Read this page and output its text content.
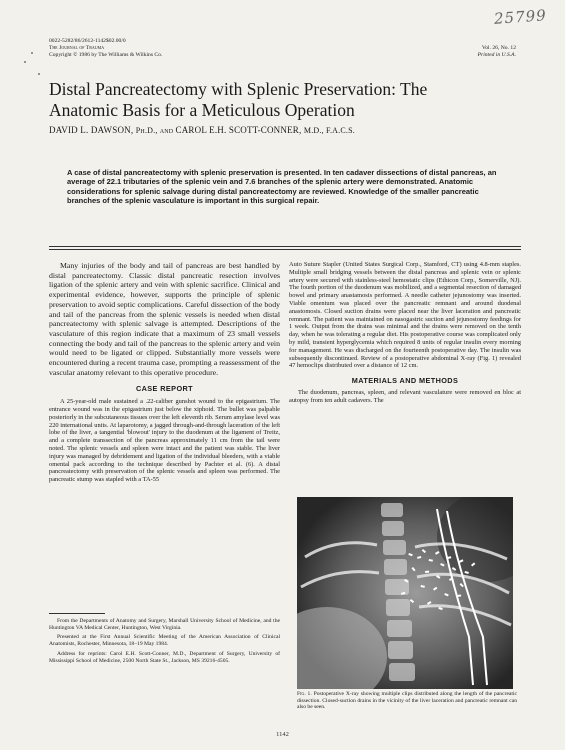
25799
0022-5282/86/2612-1142$02.00/0
The Journal of Trauma
Copyright © 1986 by The Williams & Wilkins Co.
Vol. 26, No. 12
Printed in U.S.A.
Distal Pancreatectomy with Splenic Preservation: The
Anatomic Basis for a Meticulous Operation
DAVID L. DAWSON, Ph.D., and CAROL E.H. SCOTT-CONNER, M.D., F.A.C.S.
A case of distal pancreatectomy with splenic preservation is presented. In ten cadaver dissections of distal pancreas, an average of 22.1 tributaries of the splenic vein and 7.6 branches of the splenic artery were demonstrated. Anatomic considerations for splenic salvage during distal pancreatectomy are reviewed. Knowledge of the smaller pancreatic branches of the splenic vasculature is important in this surgical repair.

Many injuries of the body and tail of pancreas are best handled by distal pancreatectomy. Classic distal pancreatic resection involves ligation of the splenic artery and vein with splenic sacrifice. Clinical and experimental evidence, however, supports the principle of splenic preservation to avoid septic complications. Careful dissection of the body and tail of the pancreas from the splenic vessels is needed when distal pancreatectomy with splenic salvage is attempted. Descriptions of the vasculature of this region indicate that a maximum of 23 small vessels connecting the body and tail of the pancreas to the splenic artery and vein would need to be ligated or clipped. Substantially more vessels were encountered during a recent trauma case, prompting a reassessment of the vascular anatomy relevant to this operative procedure.

CASE REPORT

A 25-year-old male sustained a .22-caliber gunshot wound to the epigastrium. The entrance wound was in the epigastrium just below the xiphoid. The bullet was palpable posteriorly in the subcutaneous tissues over the left eleventh rib. Serum amylase level was 220 international units. At laparotomy, a jagged through-and-through laceration of the left lobe of the liver, a tangential 'blowout' injury to the duodenum at the ligament of Treitz, and a complete transsection of the pancreas approximately 11 cm from the tail were noted. The splenic vessels and spleen were intact and the patient was stable. The liver injury was managed by debridement and ligation of the individual bleeders, with a viable omental pack according to the technique described by Pachter et al. (6). A distal pancreatectomy with preservation of the splenic vessels and spleen was performed. The pancreatic stump was stapled with a TA-55

From the Departments of Anatomy and Surgery, Marshall University School of Medicine, and the Huntington VA Medical Center, Huntington, West Virginia.

Presented at the First Annual Scientific Meeting of the American Association of Clinical Anatomists, Rochester, Minnesota, 18–19 May 1984.

Address for reprints: Carol E.H. Scott-Conner, M.D., Department of Surgery, University of Mississippi School of Medicine, 2500 North State St., Jackson, MS 39216-4505.

Auto Suture Stapler (United States Surgical Corp., Stamford, CT) using 4.8-mm staples. Multiple small bridging vessels between the distal pancreas and splenic vein or splenic artery were secured with stainless-steel hemostatic clips (Ethicon Corp., Somerville, NJ). The fourth portion of the duodenum was mobilized, and a segmental resection of damaged bowel and primary anastamosis performed. A needle catheter jejunostomy was inserted. Viable omentum was placed over the pancreatic remnant and around duodenal anastomosis. Closed suction drains were placed near the liver laceration and pancreatic remnant. The patient was maintained on nasogastric suction and jejunostomy feedings for 1 week. Output from the drains was minimal and the drains were removed on the tenth day, when he was tolerating a regular diet. His postoperative course was complicated only by mild, transient hyperglycemia which required 8 units of regular insulin every morning for management. He was discharged on the fourteenth postoperative day. The insulin was subsequently discontinued. Review of a postoperative abdominal X-ray (Fig. 1) revealed 47 hemoclips distributed over a distance of 12 cm.

MATERIALS AND METHODS

The duodenum, pancreas, spleen, and relevant vasculature were removed en bloc at autopsy from ten adult cadavers. The

Fig. 1. Postoperative X-ray showing multiple clips distributed along the length of the pancreatic dissection. Closed-suction drains in the vicinity of the liver laceration and pancreatic remnant can also be seen.
1142
